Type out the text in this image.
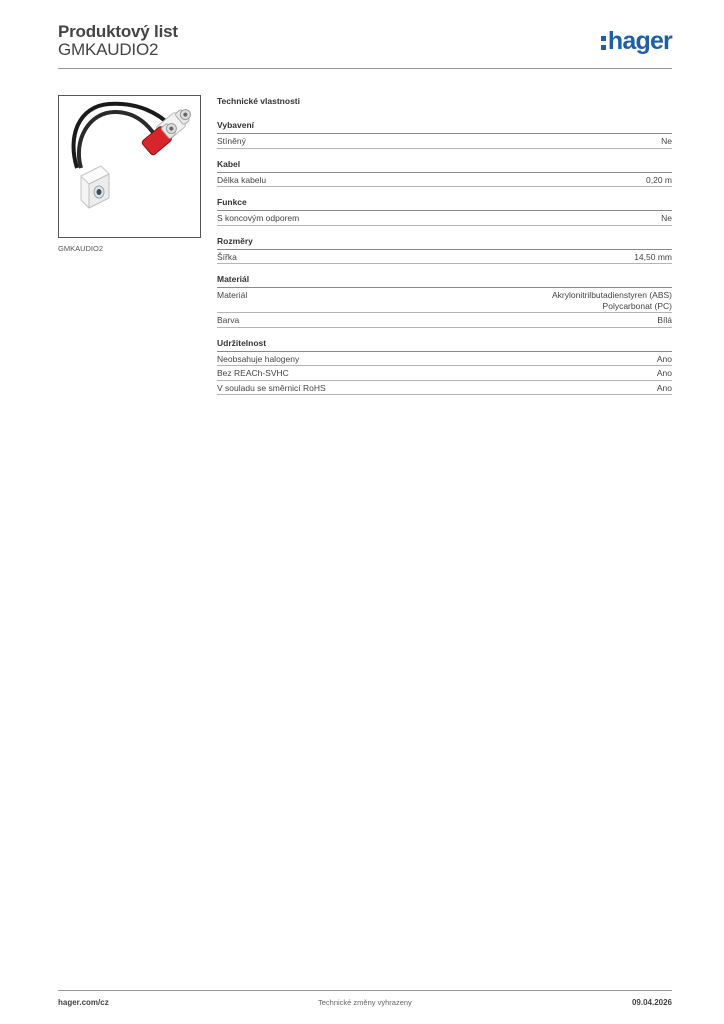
Produktový list
GMKAUDIO2	hager
GMKAUDIO2
Technické vlastnosti
Vybavení
Stíněný	Ne
Kabel
Délka kabelu	0,20 m
Funkce
S koncovým odporem	Ne
Rozměry
Šířka	14,50 mm
Materiál
Materiál	Akrylonitrilbutadienstyren (ABS)
Polycarbonat (PC)
Barva	Bílá
Udržitelnost
Neobsahuje halogeny	Ano
Bez REACh-SVHC	Ano
V souladu se směrnicí RoHS	Ano
hager.com/cz	Technické změny vyhrazeny	09.04.2026
